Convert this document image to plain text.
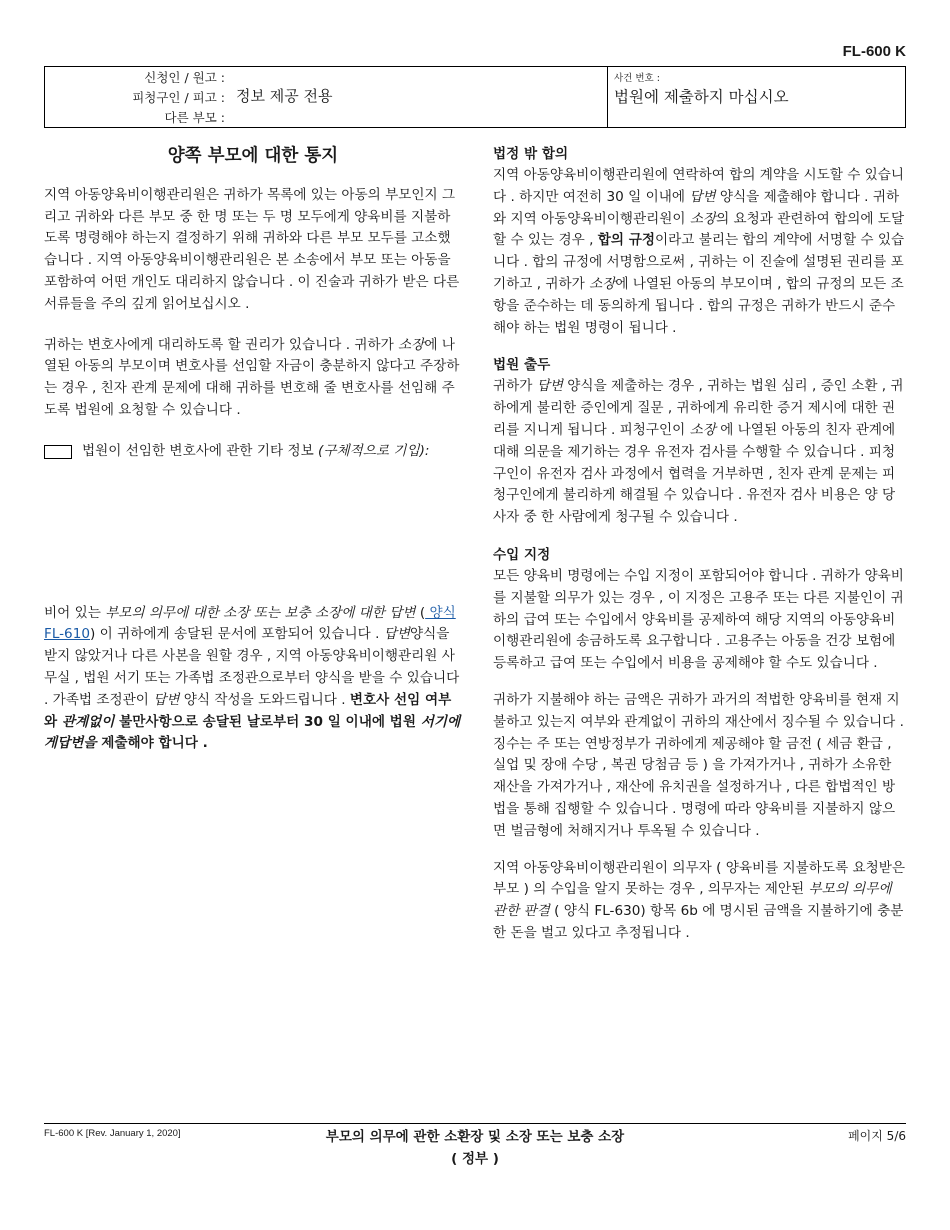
FL-600 K
신청인 / 원고 :
피청구인 / 피고 :
다른 부모 :
정보 제공 전용
사건 번호 :
법원에 제출하지 마십시오
양쪽 부모에 대한 통지

지역 아동양육비이행관리원은 귀하가 목록에 있는 아동의 부모인지 그리고 귀하와 다른 부모 중 한 명 또는 두 명 모두에게 양육비를 지불하도록 명령해야 하는지 결정하기 위해 귀하와 다른 부모 모두를 고소했습니다 . 지역 아동양육비이행관리원은 본 소송에서 부모 또는 아동을 포함하여 어떤 개인도 대리하지 않습니다 . 이 진술과 귀하가 받은 다른 서류들을 주의 깊게 읽어보십시오 .

귀하는 변호사에게 대리하도록 할 권리가 있습니다 . 귀하가 소장에 나열된 아동의 부모이며 변호사를 선임할 자금이 충분하지 않다고 주장하는 경우 , 친자 관계 문제에 대해 귀하를 변호해 줄 변호사를 선임해 주도록 법원에 요청할 수 있습니다 .

법원이 선임한 변호사에 관한 기타 정보 (구체적으로 기입):

비어 있는 부모의 의무에 대한 소장 또는 보충 소장에 대한 답변 ( 양식 FL-610) 이 귀하에게 송달된 문서에 포함되어 있습니다 . 답변양식을 받지 않았거나 다른 사본을 원할 경우 , 지역 아동양육비이행관리원 사무실 , 법원 서기 또는 가족법 조정관으로부터 양식을 받을 수 있습니다 . 가족법 조정관이 답변 양식 작성을 도와드립니다 . 변호사 선임 여부와 관계없이 불만사항으로 송달된 날로부터 30 일 이내에 법원 서기에게답변을 제출해야 합니다 .

법정 밖 합의

지역 아동양육비이행관리원에 연락하여 합의 계약을 시도할 수 있습니다 . 하지만 여전히 30 일 이내에 답변 양식을 제출해야 합니다 . 귀하와 지역 아동양육비이행관리원이 소장의 요청과 관련하여 합의에 도달할 수 있는 경우 , 합의 규정이라고 불리는 합의 계약에 서명할 수 있습니다 . 합의 규정에 서명함으로써 , 귀하는 이 진술에 설명된 권리를 포기하고 , 귀하가 소장에 나열된 아동의 부모이며 , 합의 규정의 모든 조항을 준수하는 데 동의하게 됩니다 . 합의 규정은 귀하가 반드시 준수해야 하는 법원 명령이 됩니다 .

법원 출두

귀하가 답변 양식을 제출하는 경우 , 귀하는 법원 심리 , 증인 소환 , 귀하에게 불리한 증인에게 질문 , 귀하에게 유리한 증거 제시에 대한 권리를 지니게 됩니다 . 피청구인이 소장 에 나열된 아동의 친자 관계에 대해 의문을 제기하는 경우 유전자 검사를 수행할 수 있습니다 . 피청구인이 유전자 검사 과정에서 협력을 거부하면 , 친자 관계 문제는 피청구인에게 불리하게 해결될 수 있습니다 . 유전자 검사 비용은 양 당사자 중 한 사람에게 청구될 수 있습니다 .

수입 지정

모든 양육비 명령에는 수입 지정이 포함되어야 합니다 . 귀하가 양육비를 지불할 의무가 있는 경우 , 이 지정은 고용주 또는 다른 지불인이 귀하의 급여 또는 수입에서 양육비를 공제하여 해당 지역의 아동양육비이행관리원에 송금하도록 요구합니다 . 고용주는 아동을 건강 보험에 등록하고 급여 또는 수입에서 비용을 공제해야 할 수도 있습니다 .

귀하가 지불해야 하는 금액은 귀하가 과거의 적법한 양육비를 현재 지불하고 있는지 여부와 관계없이 귀하의 재산에서 징수될 수 있습니다 . 징수는 주 또는 연방정부가 귀하에게 제공해야 할 금전 ( 세금 환급 , 실업 및 장애 수당 , 복권 당첨금 등 ) 을 가져가거나 , 귀하가 소유한 재산을 가져가거나 , 재산에 유치권을 설정하거나 , 다른 합법적인 방법을 통해 집행할 수 있습니다 . 명령에 따라 양육비를 지불하지 않으면 벌금형에 처해지거나 투옥될 수 있습니다 .

지역 아동양육비이행관리원이 의무자 ( 양육비를 지불하도록 요청받은 부모 ) 의 수입을 알지 못하는 경우 , 의무자는 제안된 부모의 의무에 관한 판결 ( 양식 FL-630) 항목 6b 에 명시된 금액을 지불하기에 충분한 돈을 벌고 있다고 추정됩니다 .

FL-600 K [Rev. January 1, 2020]	부모의 의무에 관한 소환장 및 소장 또는 보충 소장
( 정부 )
페이지 5/6
